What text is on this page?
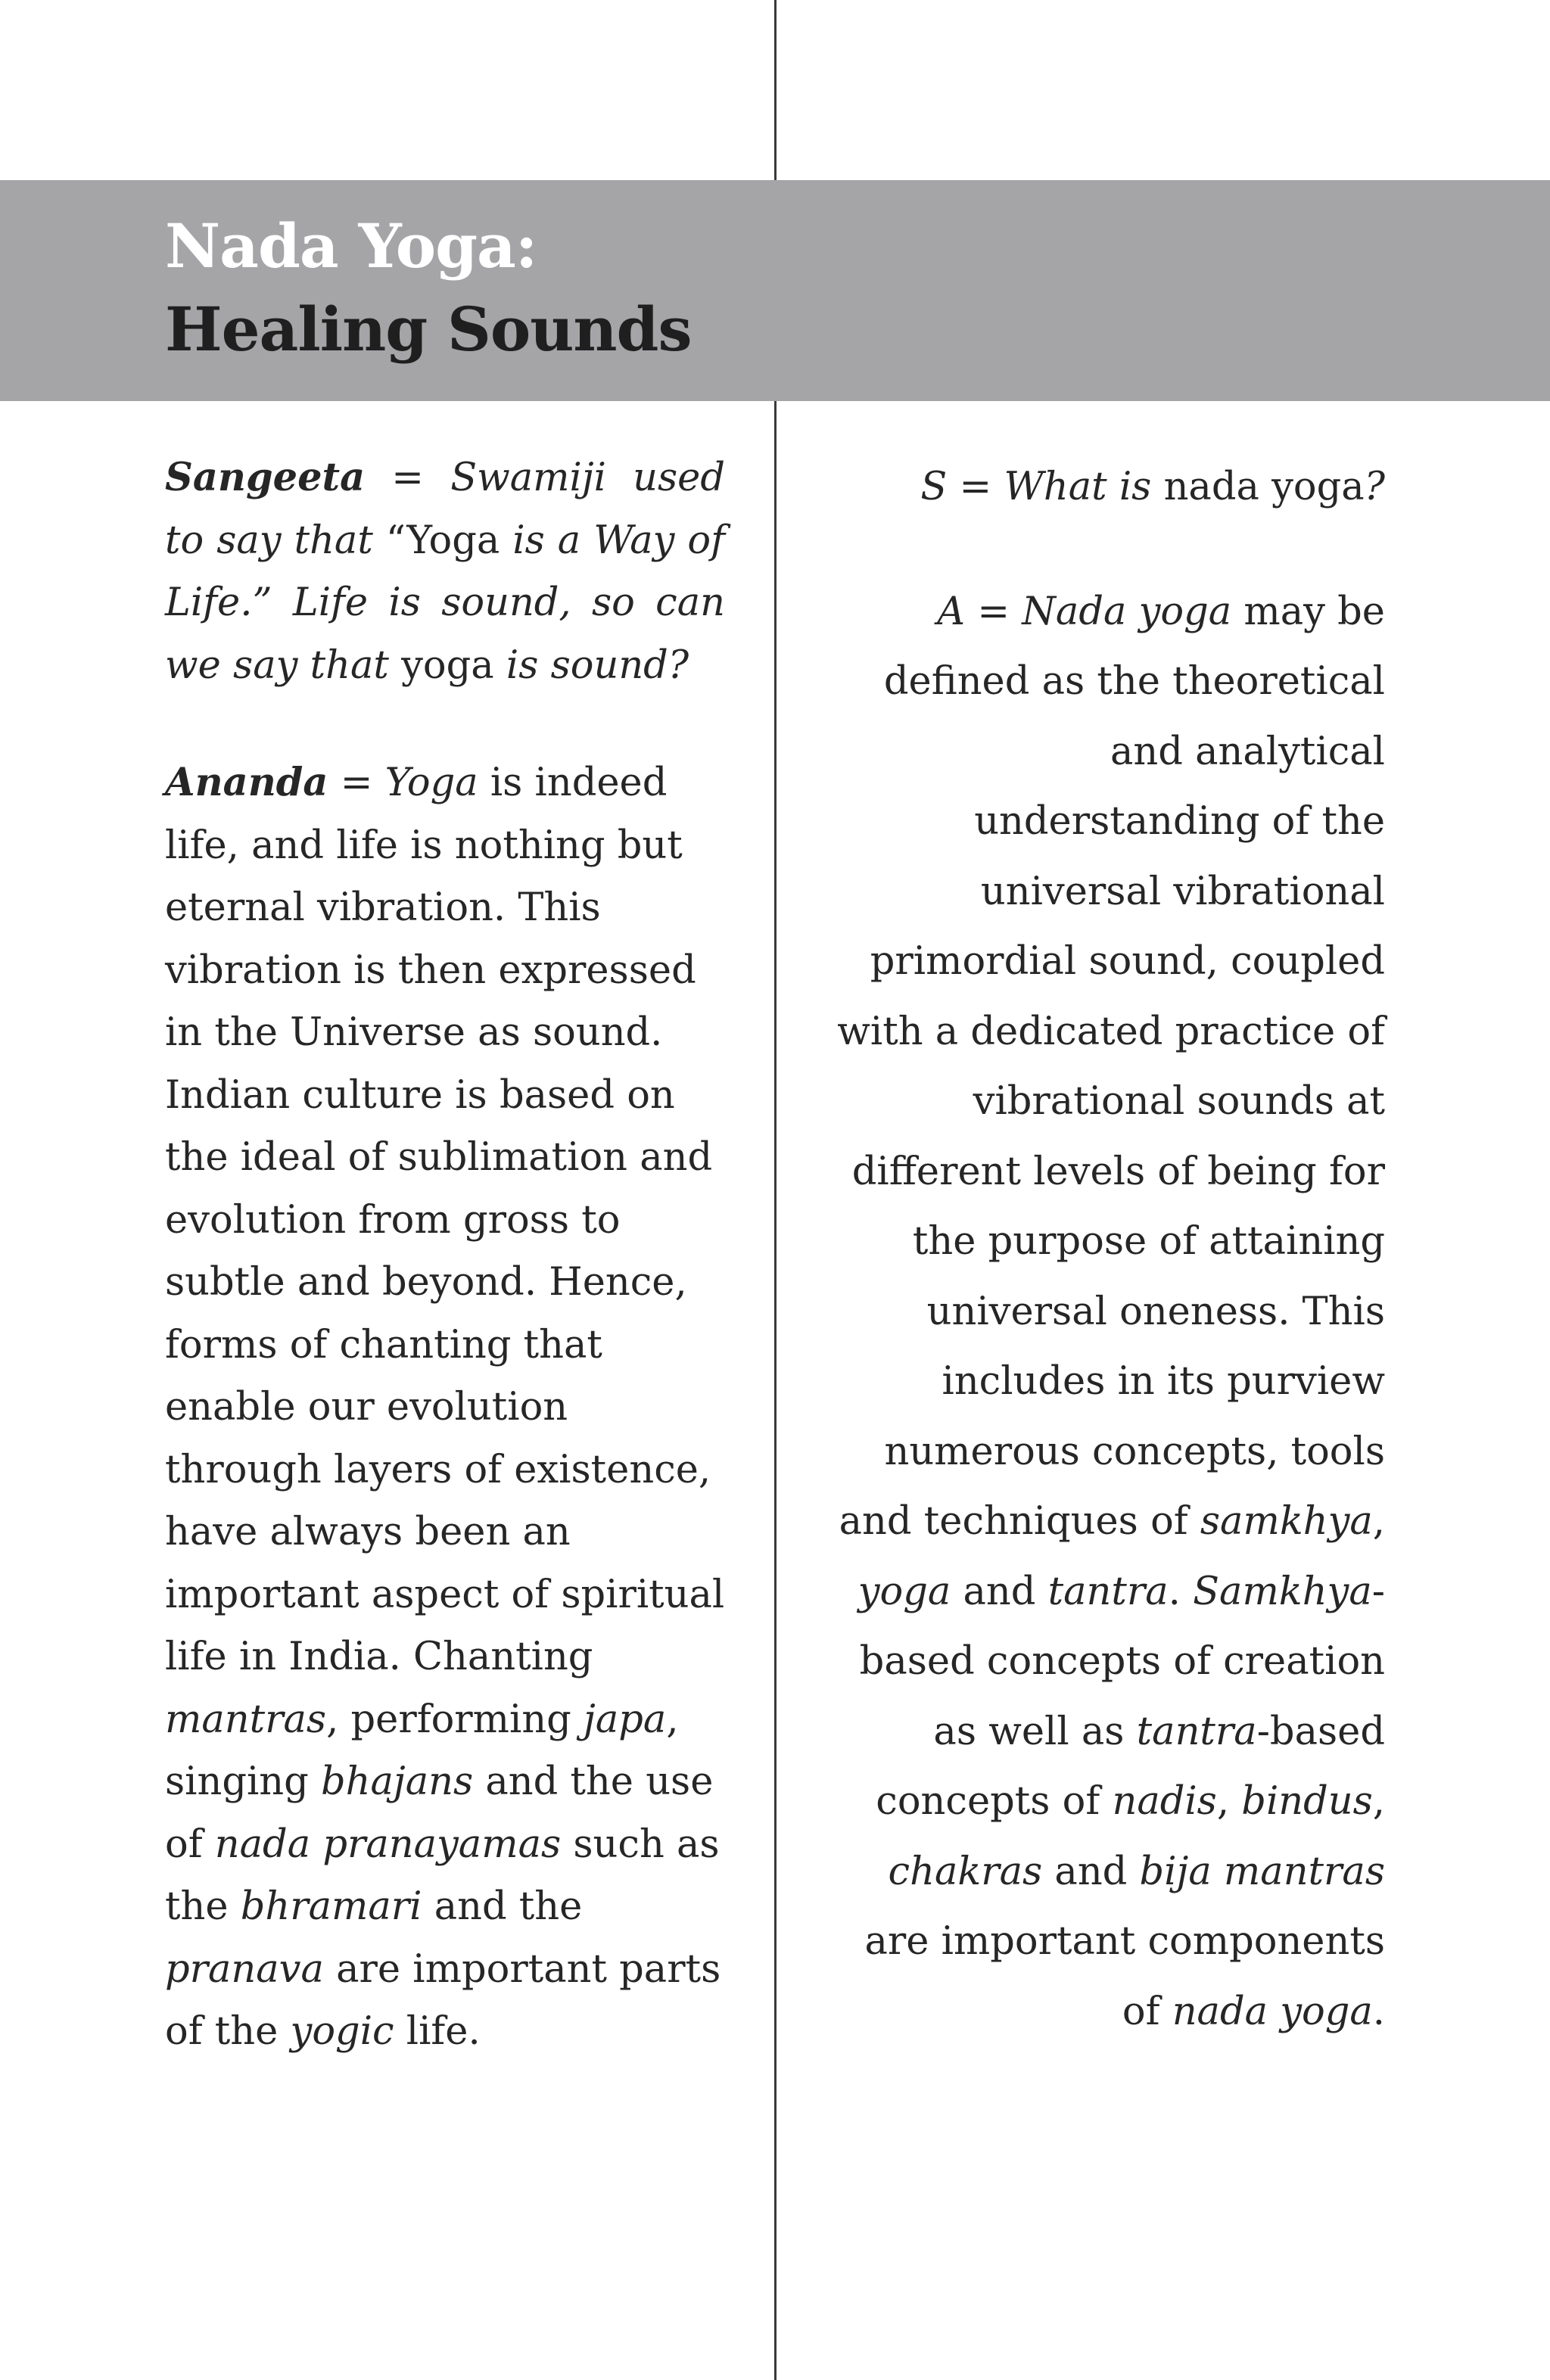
Nada Yoga:
Healing Sounds

Sangeeta = Swamiji used to say that “Yoga is a Way of Life.” Life is sound, so can we say that yoga is sound?

Ananda = Yoga is indeed life, and life is nothing but eternal vibration. This vibration is then expressed in the Universe as sound. Indian culture is based on the ideal of sublimation and evolution from gross to subtle and beyond. Hence, forms of chanting that enable our evolution through layers of existence, have always been an important aspect of spiritual life in India. Chanting mantras, performing japa, singing bhajans and the use of nada pranayamas such as the bhramari and the pranava are important parts of the yogic life.

S = What is nada yoga?

A = Nada yoga may be defined as the theoretical and analytical understanding of the universal vibrational primordial sound, coupled with a dedicated practice of vibrational sounds at different levels of being for the purpose of attaining universal oneness. This includes in its purview numerous concepts, tools and techniques of samkhya, yoga and tantra. Samkhya-based concepts of creation as well as tantra-based concepts of nadis, bindus, chakras and bija mantras are important components of nada yoga.
